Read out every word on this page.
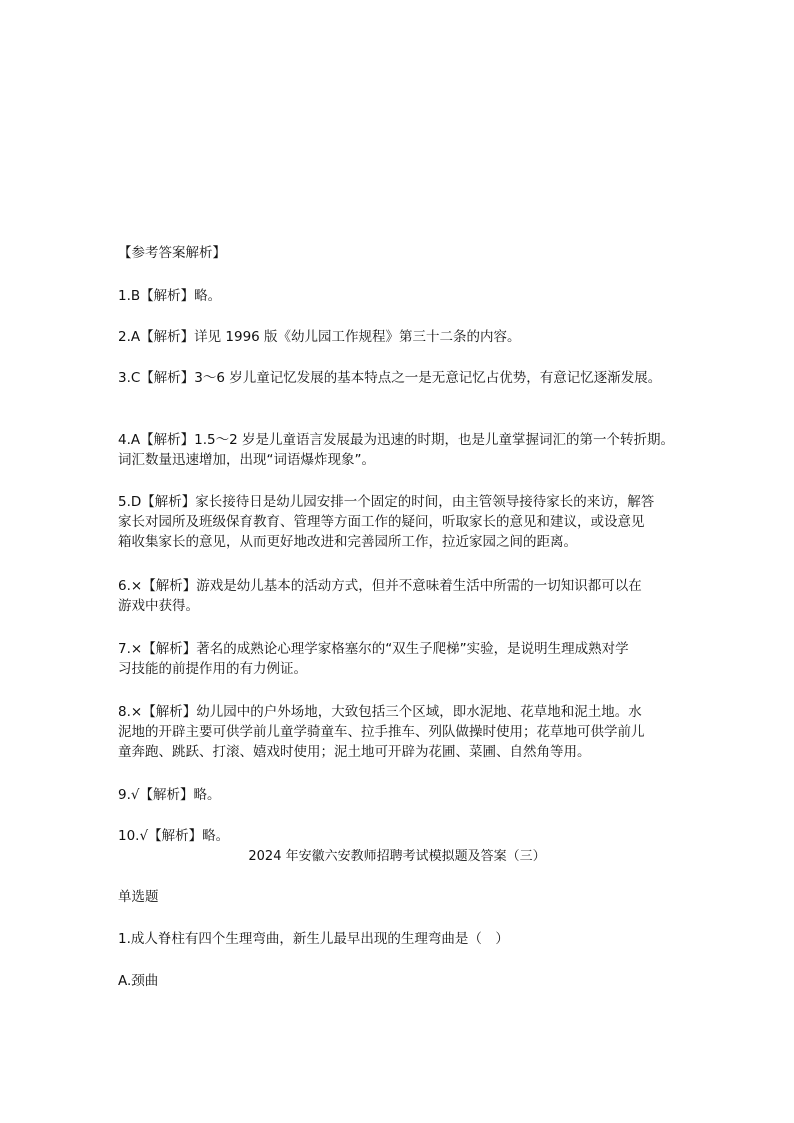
【参考答案解析】
1.B【解析】略。
2.A【解析】详见 1996 版《幼儿园工作规程》第三十二条的内容。
3.C【解析】3～6 岁儿童记忆发展的基本特点之一是无意记忆占优势，有意记忆逐渐发展。
4.A【解析】1.5～2 岁是儿童语言发展最为迅速的时期，也是儿童掌握词汇的第一个转折期。
词汇数量迅速增加，出现“词语爆炸现象”。
5.D【解析】家长接待日是幼儿园安排一个固定的时间，由主管领导接待家长的来访，解答
家长对园所及班级保育教育、管理等方面工作的疑问，听取家长的意见和建议，或设意见
箱收集家长的意见，从而更好地改进和完善园所工作，拉近家园之间的距离。
6.×【解析】游戏是幼儿基本的活动方式，但并不意味着生活中所需的一切知识都可以在
游戏中获得。
7.×【解析】著名的成熟论心理学家格塞尔的“双生子爬梯”实验，是说明生理成熟对学
习技能的前提作用的有力例证。
8.×【解析】幼儿园中的户外场地，大致包括三个区域，即水泥地、花草地和泥土地。水
泥地的开辟主要可供学前儿童学骑童车、拉手推车、列队做操时使用；花草地可供学前儿
童奔跑、跳跃、打滚、嬉戏时使用；泥土地可开辟为花圃、菜圃、自然角等用。
9.√【解析】略。
10.√【解析】略。
2024 年安徽六安教师招聘考试模拟题及答案（三）
单选题
1.成人脊柱有四个生理弯曲，新生儿最早出现的生理弯曲是（　）
A.颈曲
